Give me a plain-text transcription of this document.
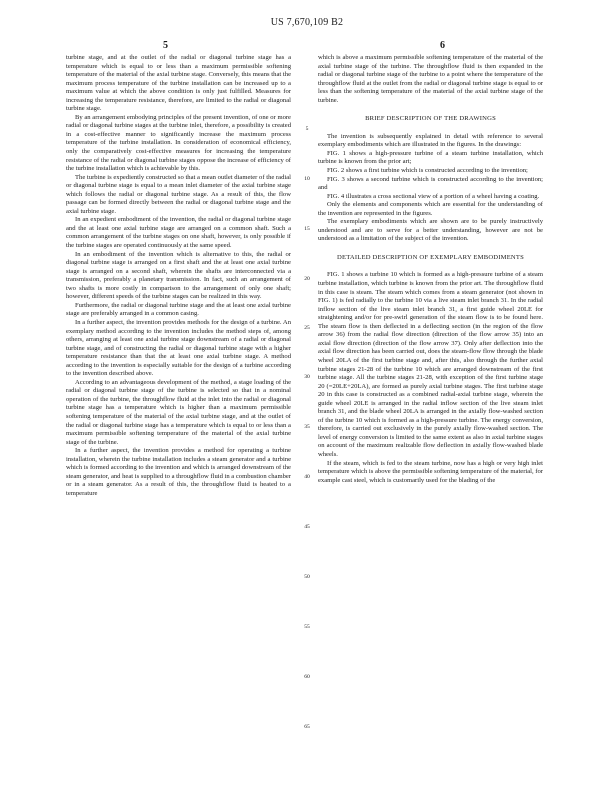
US 7,670,109 B2
5	6

turbine stage, and at the outlet of the radial or diagonal turbine stage has a temperature which is equal to or less than a maximum permissible softening temperature of the material of the axial turbine stage. Conversely, this means that the maximum process temperature of the turbine installation can be increased up to a maximum value at which the above condition is only just fulfilled. Measures for increasing the temperature resistance, therefore, are limited to the radial or diagonal turbine stage.

By an arrangement embodying principles of the present invention, of one or more radial or diagonal turbine stages at the turbine inlet, therefore, a possibility is created in a cost-effective manner to significantly increase the maximum process temperature of the turbine installation. In consideration of economical efficiency, only the comparatively cost-effective measures for increasing the temperature resistance of the radial or diagonal turbine stages oppose the increase of efficiency of the turbine installation which is achievable by this.

The turbine is expediently constructed so that a mean outlet diameter of the radial or diagonal turbine stage is equal to a mean inlet diameter of the axial turbine stage which follows the radial or diagonal turbine stage. As a result of this, the flow passage can be formed directly between the radial or diagonal turbine stage and the axial turbine stage.

In an expedient embodiment of the invention, the radial or diagonal turbine stage and the at least one axial turbine stage are arranged on a common shaft. Such a common arrangement of the turbine stages on one shaft, however, is only possible if the turbine stages are operated continuously at the same speed.

In an embodiment of the invention which is alternative to this, the radial or diagonal turbine stage is arranged on a first shaft and the at least one axial turbine stage is arranged on a second shaft, wherein the shafts are interconnected via a transmission, preferably a planetary transmission. In fact, such an arrangement of two shafts is more costly in comparison to the arrangement of only one shaft; however, different speeds of the turbine stages can be realized in this way.

Furthermore, the radial or diagonal turbine stage and the at least one axial turbine stage are preferably arranged in a common casing.

In a further aspect, the invention provides methods for the design of a turbine. An exemplary method according to the invention includes the method steps of, among others, arranging at least one axial turbine stage downstream of a radial or diagonal turbine stage, and of constructing the radial or diagonal turbine stage with a higher temperature resistance than that the at least one axial turbine stage. A method according to the invention is especially suitable for the design of a turbine according to the invention described above.

According to an advantageous development of the method, a stage loading of the radial or diagonal turbine stage of the turbine is selected so that in a nominal operation of the turbine, the throughflow fluid at the inlet into the radial or diagonal turbine stage has a temperature which is higher than a maximum permissible softening temperature of the material of the axial turbine stage, and at the outlet of the radial or diagonal turbine stage has a temperature which is equal to or less than a maximum permissible softening temperature of the material of the axial turbine stage of the turbine.

In a further aspect, the invention provides a method for operating a turbine installation, wherein the turbine installation includes a steam generator and a turbine which is formed according to the invention and which is arranged downstream of the steam generator, and heat is supplied to a throughflow fluid in a combustion chamber or in a steam generator. As a result of this, the throughflow fluid is heated to a temperature

which is above a maximum permissible softening temperature of the material of the axial turbine stage of the turbine. The throughflow fluid is then expanded in the radial or diagonal turbine stage of the turbine to a point where the temperature of the throughflow fluid at the outlet from the radial or diagonal turbine stage is equal to or less than the softening temperature of the material of the axial turbine stage of the turbine.

BRIEF DESCRIPTION OF THE DRAWINGS

The invention is subsequently explained in detail with reference to several exemplary embodiments which are illustrated in the figures. In the drawings:

FIG. 1 shows a high-pressure turbine of a steam turbine installation, which turbine is known from the prior art;

FIG. 2 shows a first turbine which is constructed according to the invention;

FIG. 3 shows a second turbine which is constructed according to the invention; and

FIG. 4 illustrates a cross sectional view of a portion of a wheel having a coating.

Only the elements and components which are essential for the understanding of the invention are represented in the figures.

The exemplary embodiments which are shown are to be purely instructively understood and are to serve for a better understanding, however are not be understood as a limitation of the subject of the invention.

DETAILED DESCRIPTION OF EXEMPLARY EMBODIMENTS

FIG. 1 shows a turbine 10 which is formed as a high-pressure turbine of a steam turbine installation, which turbine is known from the prior art. The throughflow fluid in this case is steam. The steam which comes from a steam generator (not shown in FIG. 1) is fed radially to the turbine 10 via a live steam inlet branch 31. In the radial inflow section of the live steam inlet branch 31, a first guide wheel 20LE for straightening and/or for pre-swirl generation of the steam flow is to be found here. The steam flow is then deflected in a deflecting section (in the region of the flow arrow 36) from the radial flow direction (direction of the flow arrow 35) into an axial flow direction (direction of the flow arrow 37). Only after deflection into the axial flow direction has been carried out, does the steam-flow flow through the blade wheel 20LA of the first turbine stage and, after this, also through the further axial turbine stages 21-28 of the turbine 10 which are arranged downstream of the first turbine stage. All the turbine stages 21-28, with exception of the first turbine stage 20 (=20LE+20LA), are formed as purely axial turbine stages. The first turbine stage 20 in this case is constructed as a combined radial-axial turbine stage, wherein the guide wheel 20LE is arranged in the radial inflow section of the live steam inlet branch 31, and the blade wheel 20LA is arranged in the axially flow-washed section of the turbine 10 which is formed as a high-pressure turbine. The energy conversion, therefore, is carried out exclusively in the purely axially flow-washed section. The level of energy conversion is limited to the same extent as also in axial turbine stages on account of the maximum realizable flow deflection in axially flow-washed blade wheels.

If the steam, which is fed to the steam turbine, now has a high or very high inlet temperature which is above the permissible softening temperature of the material, for example cast steel, which is customarily used for the blading of the

5
10
15
20
25
30
35
40
45
50
55
60
65
